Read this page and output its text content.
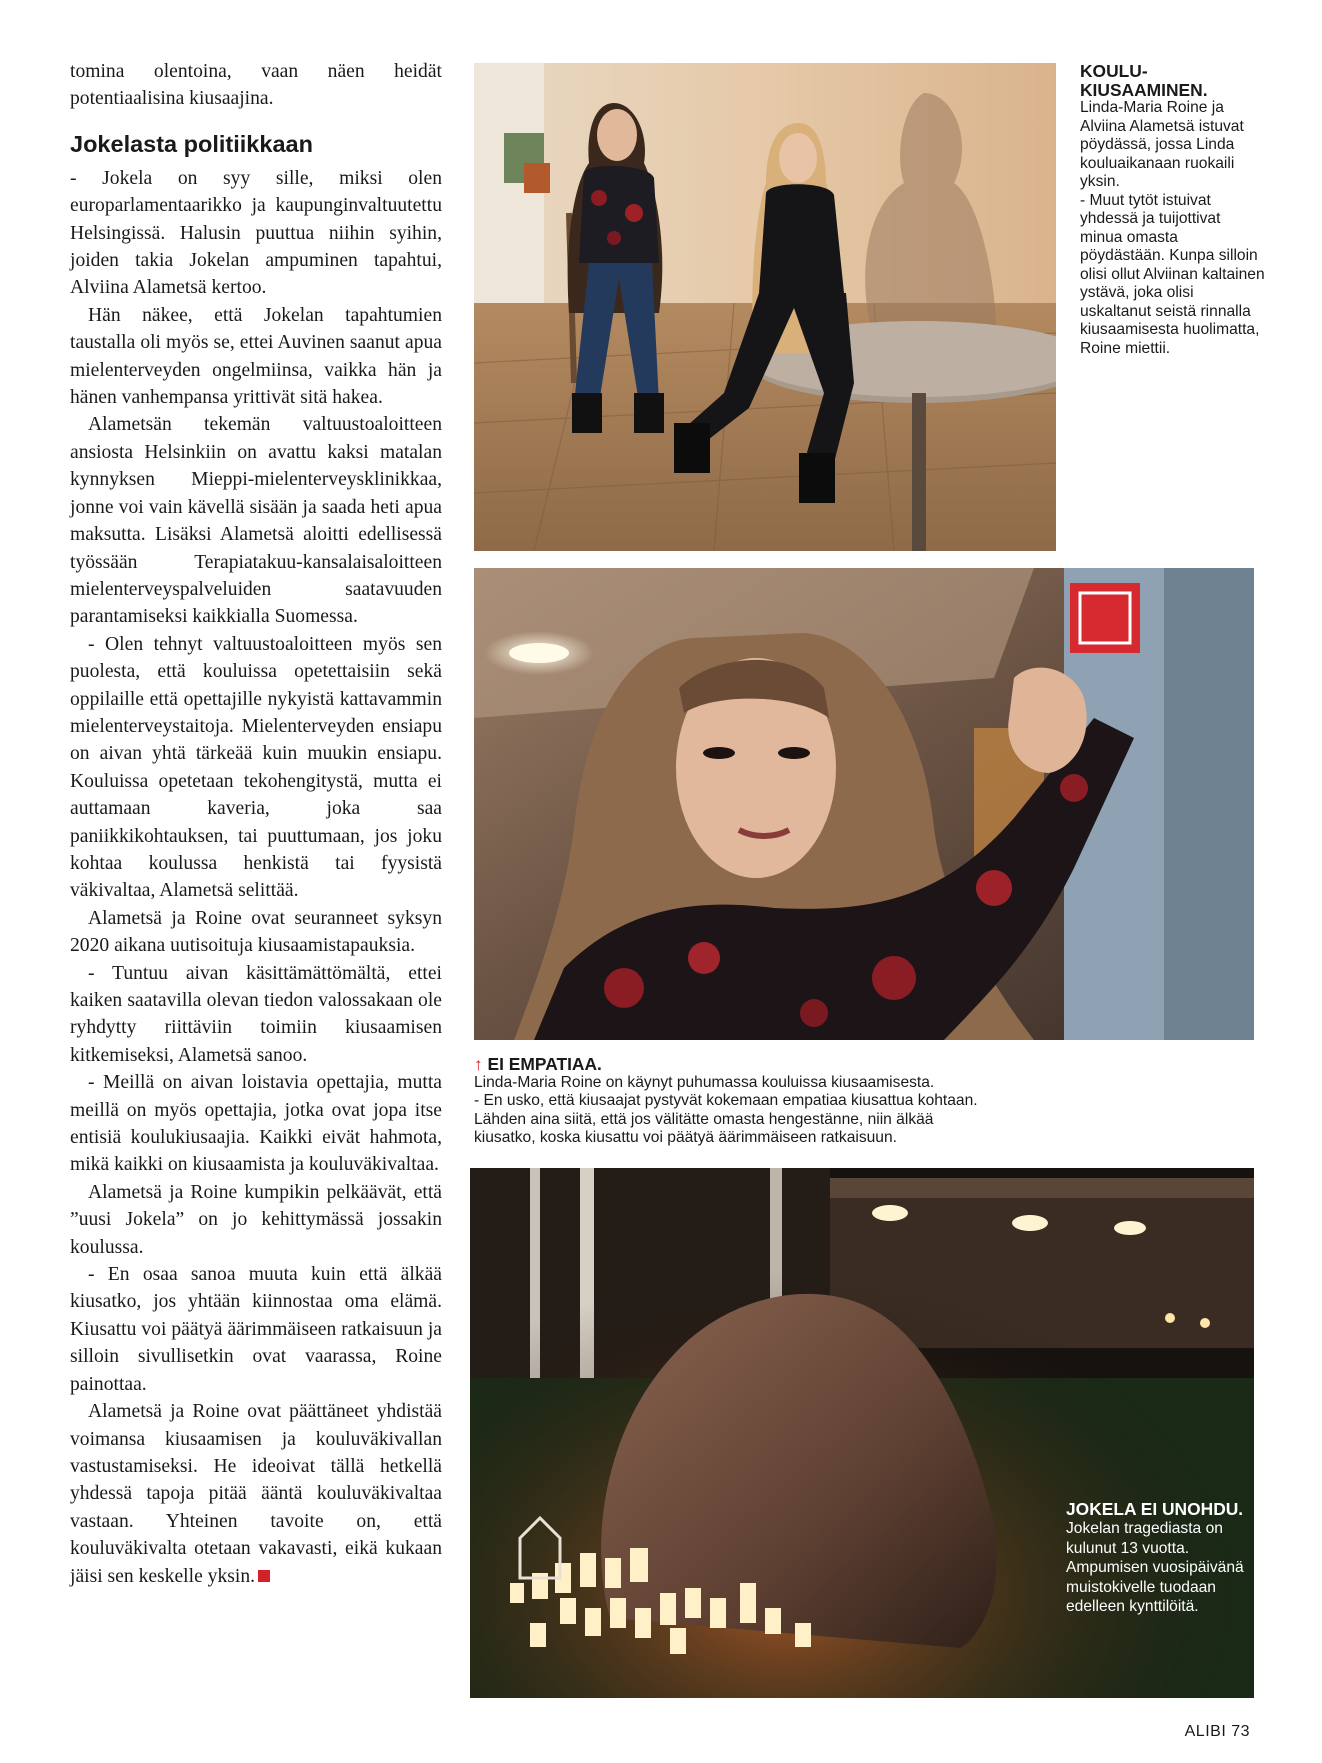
tomina olentoina, vaan näen heidät potentiaalisina kiusaajina.

Jokelasta politiikkaan

- Jokela on syy sille, miksi olen europarlamentaarikko ja kaupunginvaltuutettu Helsingissä. Halusin puuttua niihin syihin, joiden takia Jokelan ampuminen tapahtui, Alviina Alametsä kertoo.

Hän näkee, että Jokelan tapahtumien taustalla oli myös se, ettei Auvinen saanut apua mielenterveyden ongelmiinsa, vaikka hän ja hänen vanhempansa yrittivät sitä hakea.

Alametsän tekemän valtuustoaloitteen ansiosta Helsinkiin on avattu kaksi matalan kynnyksen Mieppi-mielenterveysklinikkaa, jonne voi vain kävellä sisään ja saada heti apua maksutta. Lisäksi Alametsä aloitti edellisessä työssään Terapiatakuu-kansalaisaloitteen mielenterveyspalveluiden saatavuuden parantamiseksi kaikkialla Suomessa.

- Olen tehnyt valtuustoaloitteen myös sen puolesta, että kouluissa opetettaisiin sekä oppilaille että opettajille nykyistä kattavammin mielenterveystaitoja. Mielenterveyden ensiapu on aivan yhtä tärkeää kuin muukin ensiapu. Kouluissa opetetaan tekohengitystä, mutta ei auttamaan kaveria, joka saa paniikkikohtauksen, tai puuttumaan, jos joku kohtaa koulussa henkistä tai fyysistä väkivaltaa, Alametsä selittää.

Alametsä ja Roine ovat seuranneet syksyn 2020 aikana uutisoituja kiusaamistapauksia.

- Tuntuu aivan käsittämättömältä, ettei kaiken saatavilla olevan tiedon valossakaan ole ryhdytty riittäviin toimiin kiusaamisen kitkemiseksi, Alametsä sanoo.

- Meillä on aivan loistavia opettajia, mutta meillä on myös opettajia, jotka ovat jopa itse entisiä koulukiusaajia. Kaikki eivät hahmota, mikä kaikki on kiusaamista ja kouluväkivaltaa.

Alametsä ja Roine kumpikin pelkäävät, että ”uusi Jokela” on jo kehittymässä jossakin koulussa.

- En osaa sanoa muuta kuin että älkää kiusatko, jos yhtään kiinnostaa oma elämä. Kiusattu voi päätyä äärimmäiseen ratkaisuun ja silloin sivullisetkin ovat vaarassa, Roine painottaa.

Alametsä ja Roine ovat päättäneet yhdistää voimansa kiusaamisen ja kouluväkivallan vastustamiseksi. He ideoivat tällä hetkellä yhdessä tapoja pitää ääntä kouluväkivaltaa vastaan. Yhteinen tavoite on, että kouluväkivalta otetaan vakavasti, eikä kukaan jäisi sen keskelle yksin.

KOULU-KIUSAAMINEN.
Linda-Maria Roine ja Alviina Alametsä istuvat pöydässä, jossa Linda kouluaikanaan ruokaili yksin.
- Muut tytöt istuivat yhdessä ja tuijottivat minua omasta pöydästään. Kunpa silloin olisi ollut Alviinan kaltainen ystävä, joka olisi uskaltanut seistä rinnalla kiusaamisesta huolimatta, Roine miettii.
↑ EI EMPATIAA.
Linda-Maria Roine on käynyt puhumassa kouluissa kiusaamisesta.
- En usko, että kiusaajat pystyvät kokemaan empatiaa kiusattua kohtaan.
Lähden aina siitä, että jos välitätte omasta hengestänne, niin älkää
kiusatko, koska kiusattu voi päätyä äärimmäiseen ratkaisuun.
JOKELA EI UNOHDU.
Jokelan tragediasta on kulunut 13 vuotta. Ampumisen vuosipäivänä muistokivelle tuodaan edelleen kynttilöitä.
ALIBI 73
